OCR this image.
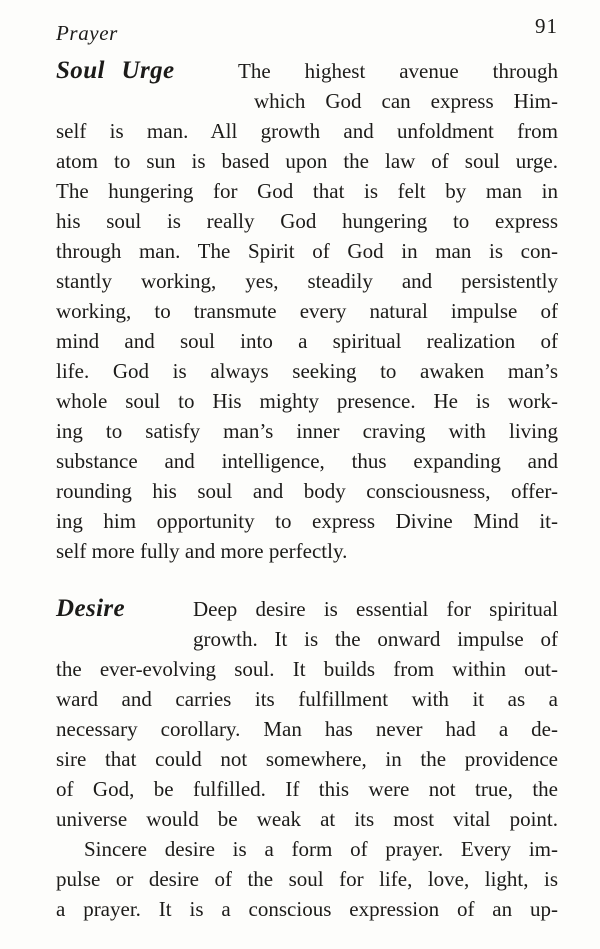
Prayer	91
Soul Urge	The highest avenue through
which God can express Him-
self is man. All growth and unfoldment from
atom to sun is based upon the law of soul urge.
The hungering for God that is felt by man in
his soul is really God hungering to express
through man. The Spirit of God in man is con-
stantly working, yes, steadily and persistently
working, to transmute every natural impulse of
mind and soul into a spiritual realization of
life. God is always seeking to awaken man’s
whole soul to His mighty presence. He is work-
ing to satisfy man’s inner craving with living
substance and intelligence, thus expanding and
rounding his soul and body consciousness, offer-
ing him opportunity to express Divine Mind it-
self more fully and more perfectly.
Desire	Deep desire is essential for spiritual
growth. It is the onward impulse of
the ever-evolving soul. It builds from within out-
ward and carries its fulfillment with it as a
necessary corollary. Man has never had a de-
sire that could not somewhere, in the providence
of God, be fulfilled. If this were not true, the
universe would be weak at its most vital point.
Sincere desire is a form of prayer. Every im-
pulse or desire of the soul for life, love, light, is
a prayer. It is a conscious expression of an up-
